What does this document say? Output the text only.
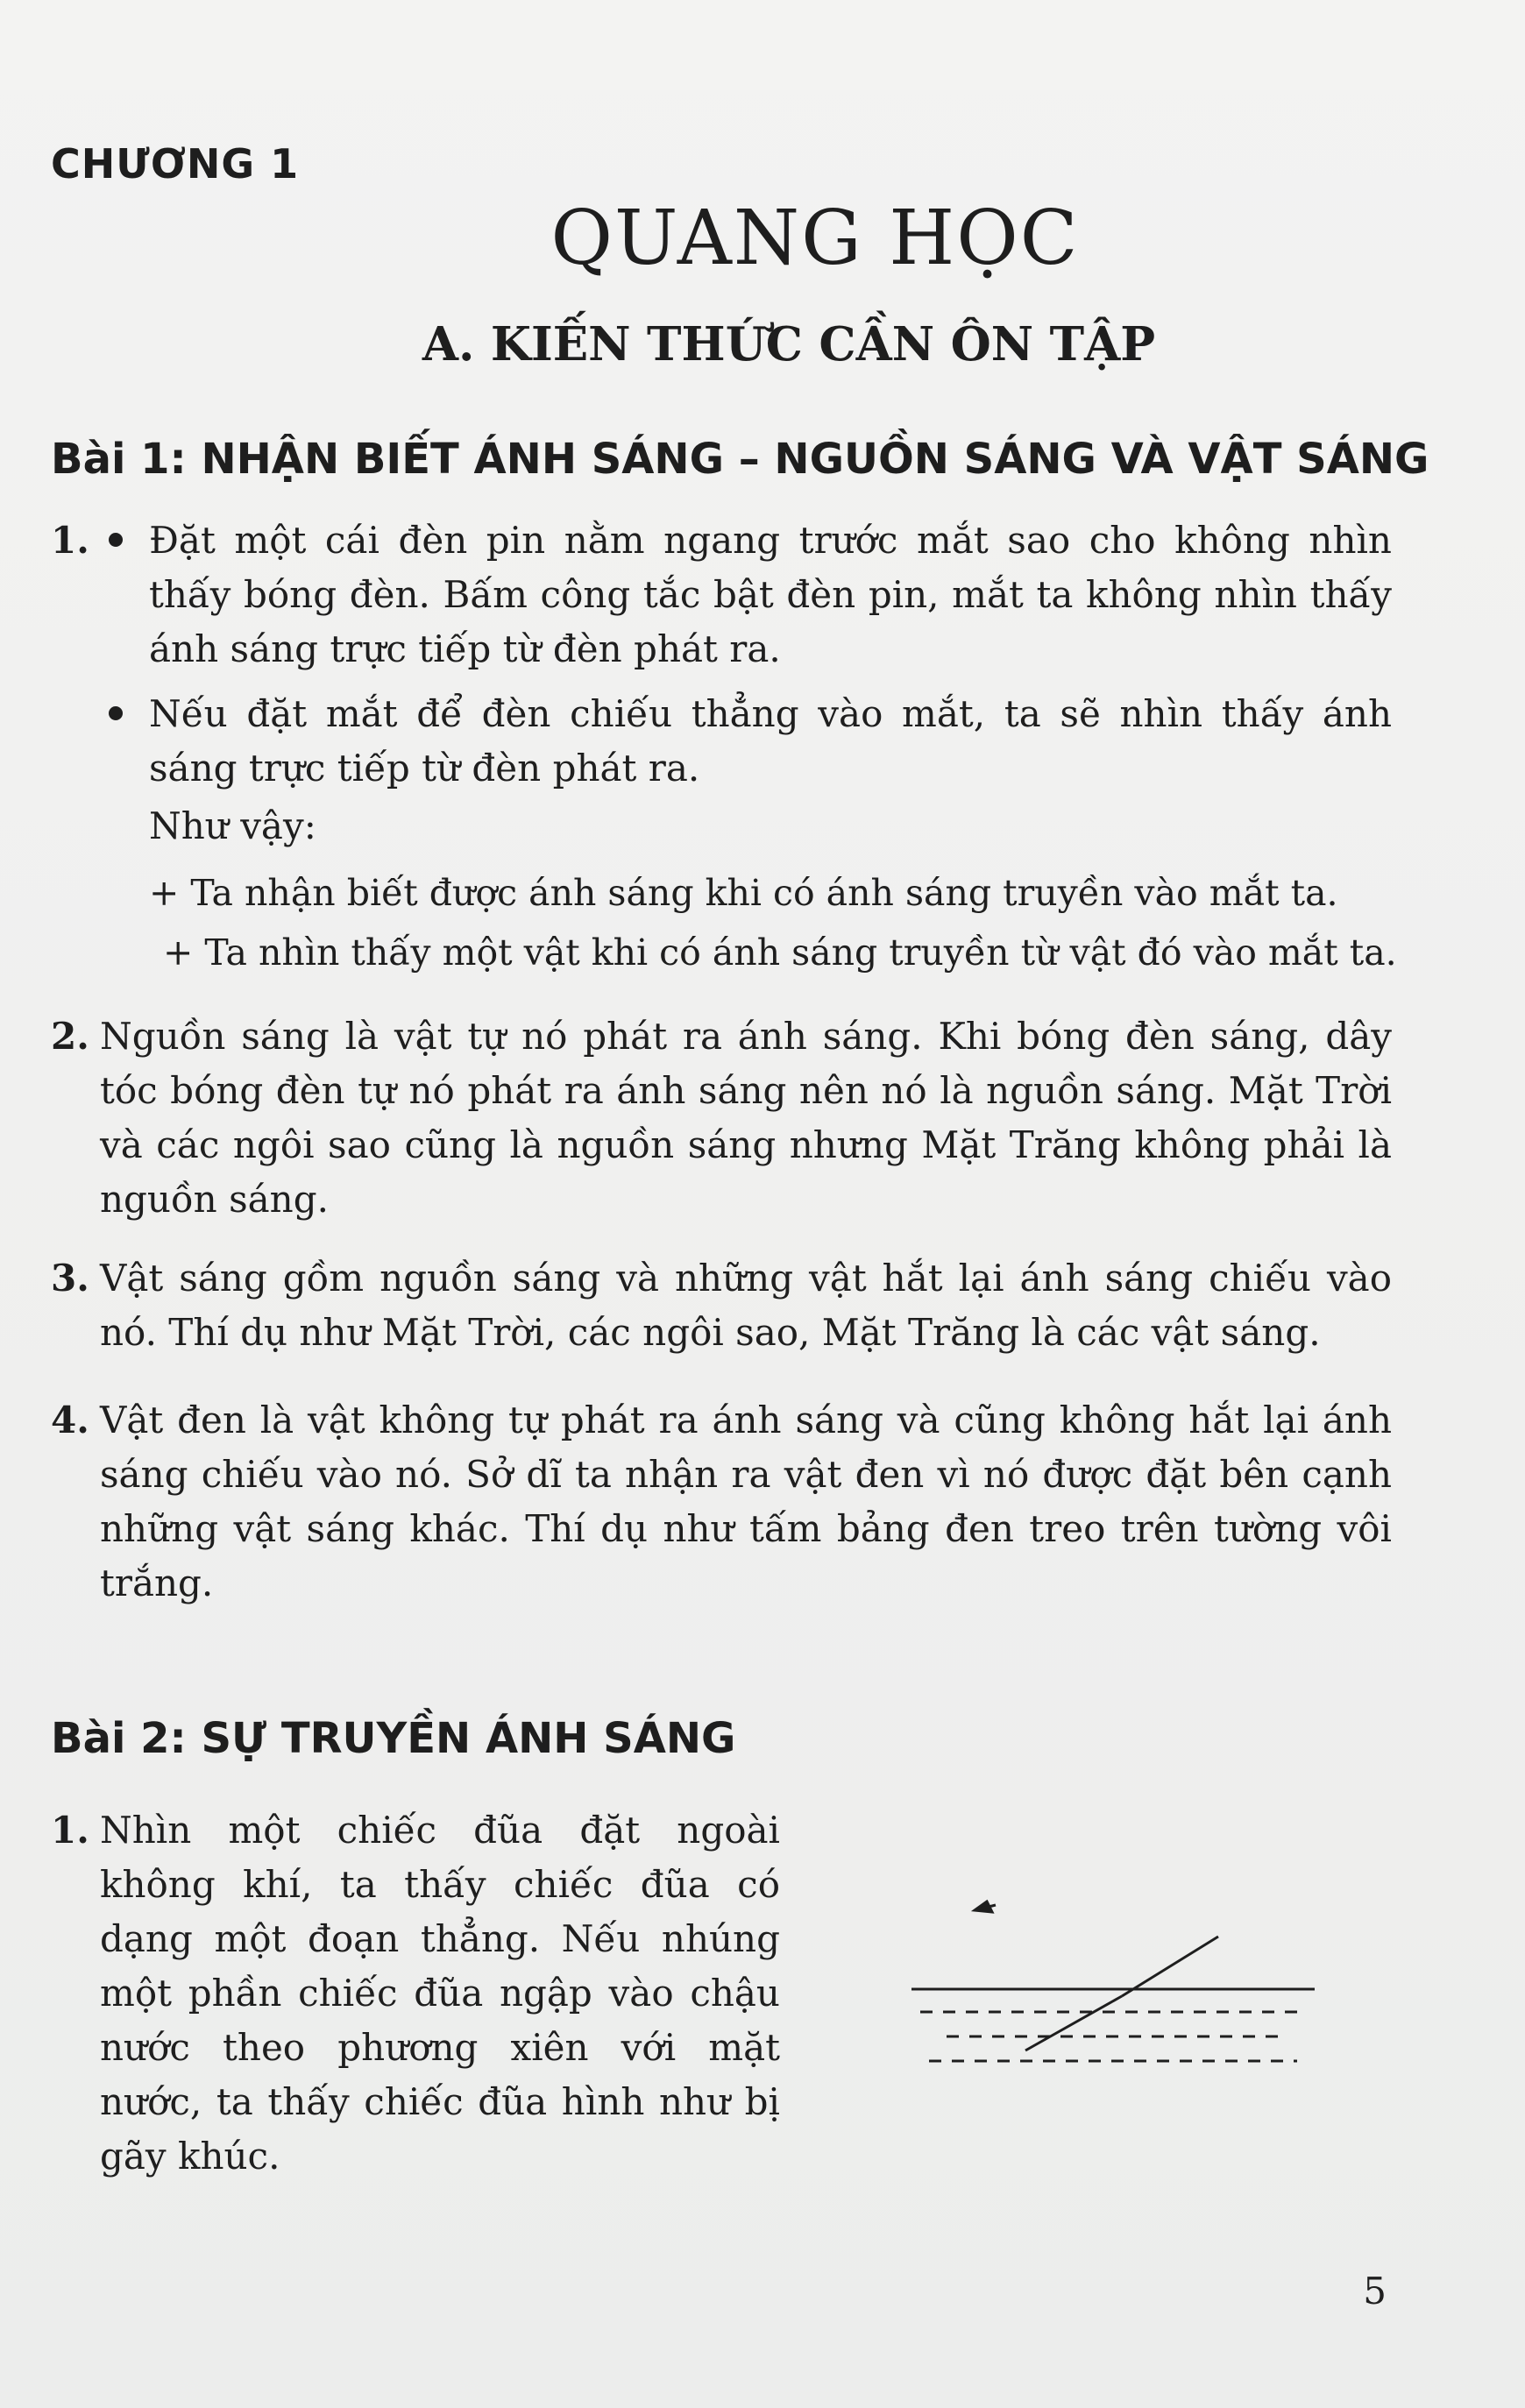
CHƯƠNG 1
QUANG HỌC
A. KIẾN THỨC CẦN ÔN TẬP
Bài 1: NHẬN BIẾT ÁNH SÁNG – NGUỒN SÁNG VÀ VẬT SÁNG
1. Đặt một cái đèn pin nằm ngang trước mắt sao cho không nhìn thấy bóng đèn. Bấm công tắc bật đèn pin, mắt ta không nhìn thấy ánh sáng trực tiếp từ đèn phát ra.
Nếu đặt mắt để đèn chiếu thẳng vào mắt, ta sẽ nhìn thấy ánh sáng trực tiếp từ đèn phát ra.
Như vậy:
+ Ta nhận biết được ánh sáng khi có ánh sáng truyền vào mắt ta.
+ Ta nhìn thấy một vật khi có ánh sáng truyền từ vật đó vào mắt ta.
2. Nguồn sáng là vật tự nó phát ra ánh sáng. Khi bóng đèn sáng, dây tóc bóng đèn tự nó phát ra ánh sáng nên nó là nguồn sáng. Mặt Trời và các ngôi sao cũng là nguồn sáng nhưng Mặt Trăng không phải là nguồn sáng.
3. Vật sáng gồm nguồn sáng và những vật hắt lại ánh sáng chiếu vào nó. Thí dụ như Mặt Trời, các ngôi sao, Mặt Trăng là các vật sáng.
4. Vật đen là vật không tự phát ra ánh sáng và cũng không hắt lại ánh sáng chiếu vào nó. Sở dĩ ta nhận ra vật đen vì nó được đặt bên cạnh những vật sáng khác. Thí dụ như tấm bảng đen treo trên tường vôi trắng.
Bài 2: SỰ TRUYỀN ÁNH SÁNG
1. Nhìn một chiếc đũa đặt ngoài không khí, ta thấy chiếc đũa có dạng một đoạn thẳng. Nếu nhúng một phần chiếc đũa ngập vào chậu nước theo phương xiên với mặt nước, ta thấy chiếc đũa hình như bị gãy khúc.
5
